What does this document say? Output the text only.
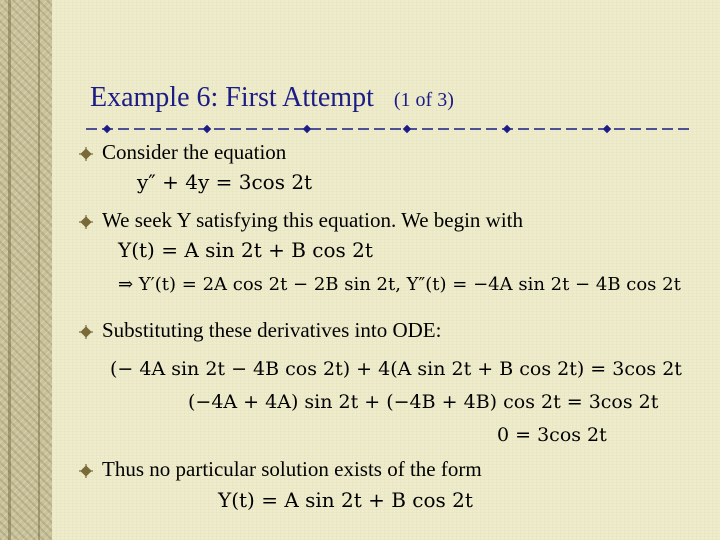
Example 6: First Attempt (1 of 3)
Consider the equation
y″ + 4y = 3cos 2t
We seek Y satisfying this equation. We begin with
Y(t) = A sin 2t + B cos 2t
⇒ Y′(t) = 2A cos 2t − 2B sin 2t, Y″(t) = −4A sin 2t − 4B cos 2t
Substituting these derivatives into ODE:
(− 4A sin 2t − 4B cos 2t) + 4(A sin 2t + B cos 2t) = 3cos 2t
(−4A + 4A) sin 2t + (−4B + 4B) cos 2t = 3cos 2t
0 = 3cos 2t
Thus no particular solution exists of the form
Y(t) = A sin 2t + B cos 2t
